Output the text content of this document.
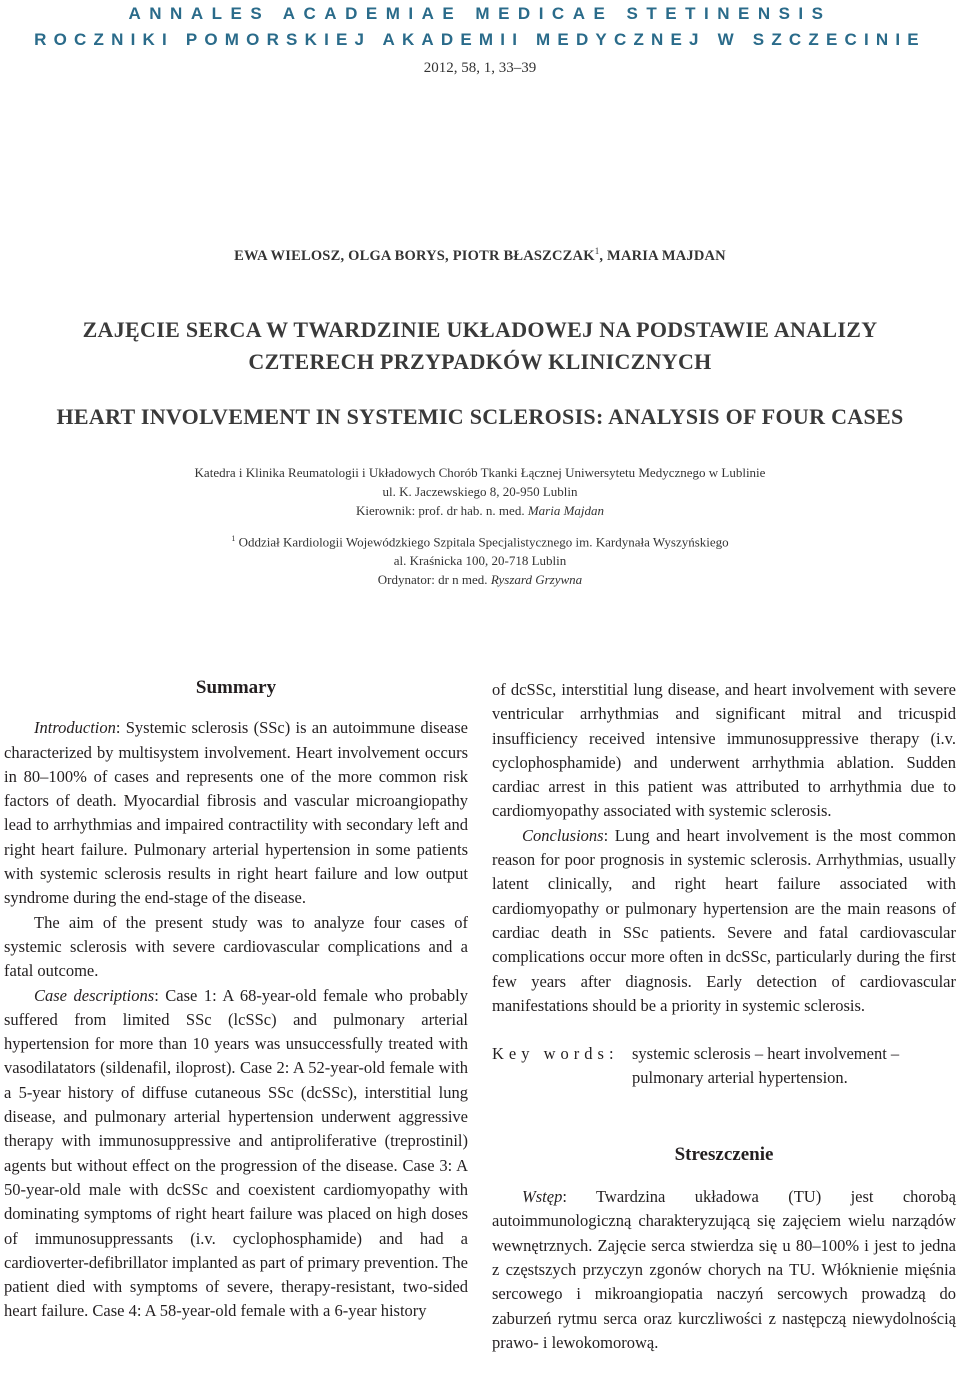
ANNALES ACADEMIAE MEDICAE STETINENSIS
ROCZNIKI POMORSKIEJ AKADEMII MEDYCZNEJ W SZCZECINIE
2012, 58, 1, 33–39
EWA WIELOSZ, OLGA BORYS, PIOTR BŁASZCZAK$^1$, MARIA MAJDAN
ZAJĘCIE SERCA W TWARDZINIE UKŁADOWEJ NA PODSTAWIE ANALIZY
CZTERECH PRZYPADKÓW KLINICZNYCH
HEART INVOLVEMENT IN SYSTEMIC SCLEROSIS: ANALYSIS OF FOUR CASES
Katedra i Klinika Reumatologii i Układowych Chorób Tkanki Łącznej Uniwersytetu Medycznego w Lublinie
ul. K. Jaczewskiego 8, 20-950 Lublin
Kierownik: prof. dr hab. n. med. Maria Majdan
$^1$ Oddział Kardiologii Wojewódzkiego Szpitala Specjalistycznego im. Kardynała Wyszyńskiego
al. Kraśnicka 100, 20-718 Lublin
Ordynator: dr n med. Ryszard Grzywna
Summary

Introduction: Systemic sclerosis (SSc) is an autoimmune disease characterized by multisystem involvement. Heart involvement occurs in 80–100% of cases and represents one of the more common risk factors of death. Myocardial fibrosis and vascular microangiopathy lead to arrhythmias and impaired contractility with secondary left and right heart failure. Pulmonary arterial hypertension in some patients with systemic sclerosis results in right heart failure and low output syndrome during the end-stage of the disease.

The aim of the present study was to analyze four cases of systemic sclerosis with severe cardiovascular complications and a fatal outcome.

Case descriptions: Case 1: A 68-year-old female who probably suffered from limited SSc (lcSSc) and pulmonary arterial hypertension for more than 10 years was unsuccessfully treated with vasodilatators (sildenafil, iloprost). Case 2: A 52-year-old female with a 5-year history of diffuse cutaneous SSc (dcSSc), interstitial lung disease, and pulmonary arterial hypertension underwent aggressive therapy with immunosuppressive and antiproliferative (treprostinil) agents but without effect on the progression of the disease. Case 3: A 50-year-old male with dcSSc and coexistent cardiomyopathy with dominating symptoms of right heart failure was placed on high doses of immunosuppressants (i.v. cyclophosphamide) and had a cardioverter-defibrillator implanted as part of primary prevention. The patient died with symptoms of severe, therapy-resistant, two-sided heart failure. Case 4: A 58-year-old female with a 6-year history

of dcSSc, interstitial lung disease, and heart involvement with severe ventricular arrhythmias and significant mitral and tricuspid insufficiency received intensive immunosuppressive therapy (i.v. cyclophosphamide) and underwent arrhythmia ablation. Sudden cardiac arrest in this patient was attributed to arrhythmia due to cardiomyopathy associated with systemic sclerosis.

Conclusions: Lung and heart involvement is the most common reason for poor prognosis in systemic sclerosis. Arrhythmias, usually latent clinically, and right heart failure associated with cardiomyopathy or pulmonary hypertension are the main reasons of cardiac death in SSc patients. Severe and fatal cardiovascular complications occur more often in dcSSc, particularly during the first few years after diagnosis. Early detection of cardiovascular manifestations should be a priority in systemic sclerosis.

Key words: systemic sclerosis – heart involvement – pulmonary arterial hypertension.
Streszczenie

Wstęp: Twardzina układowa (TU) jest chorobą autoimmunologiczną charakteryzującą się zajęciem wielu narządów wewnętrznych. Zajęcie serca stwierdza się u 80–100% i jest to jedna z częstszych przyczyn zgonów chorych na TU. Włóknienie mięśnia sercowego i mikroangiopatia naczyń sercowych prowadzą do zaburzeń rytmu serca oraz kurczliwości z następczą niewydolnością prawo- i lewokomorową.
